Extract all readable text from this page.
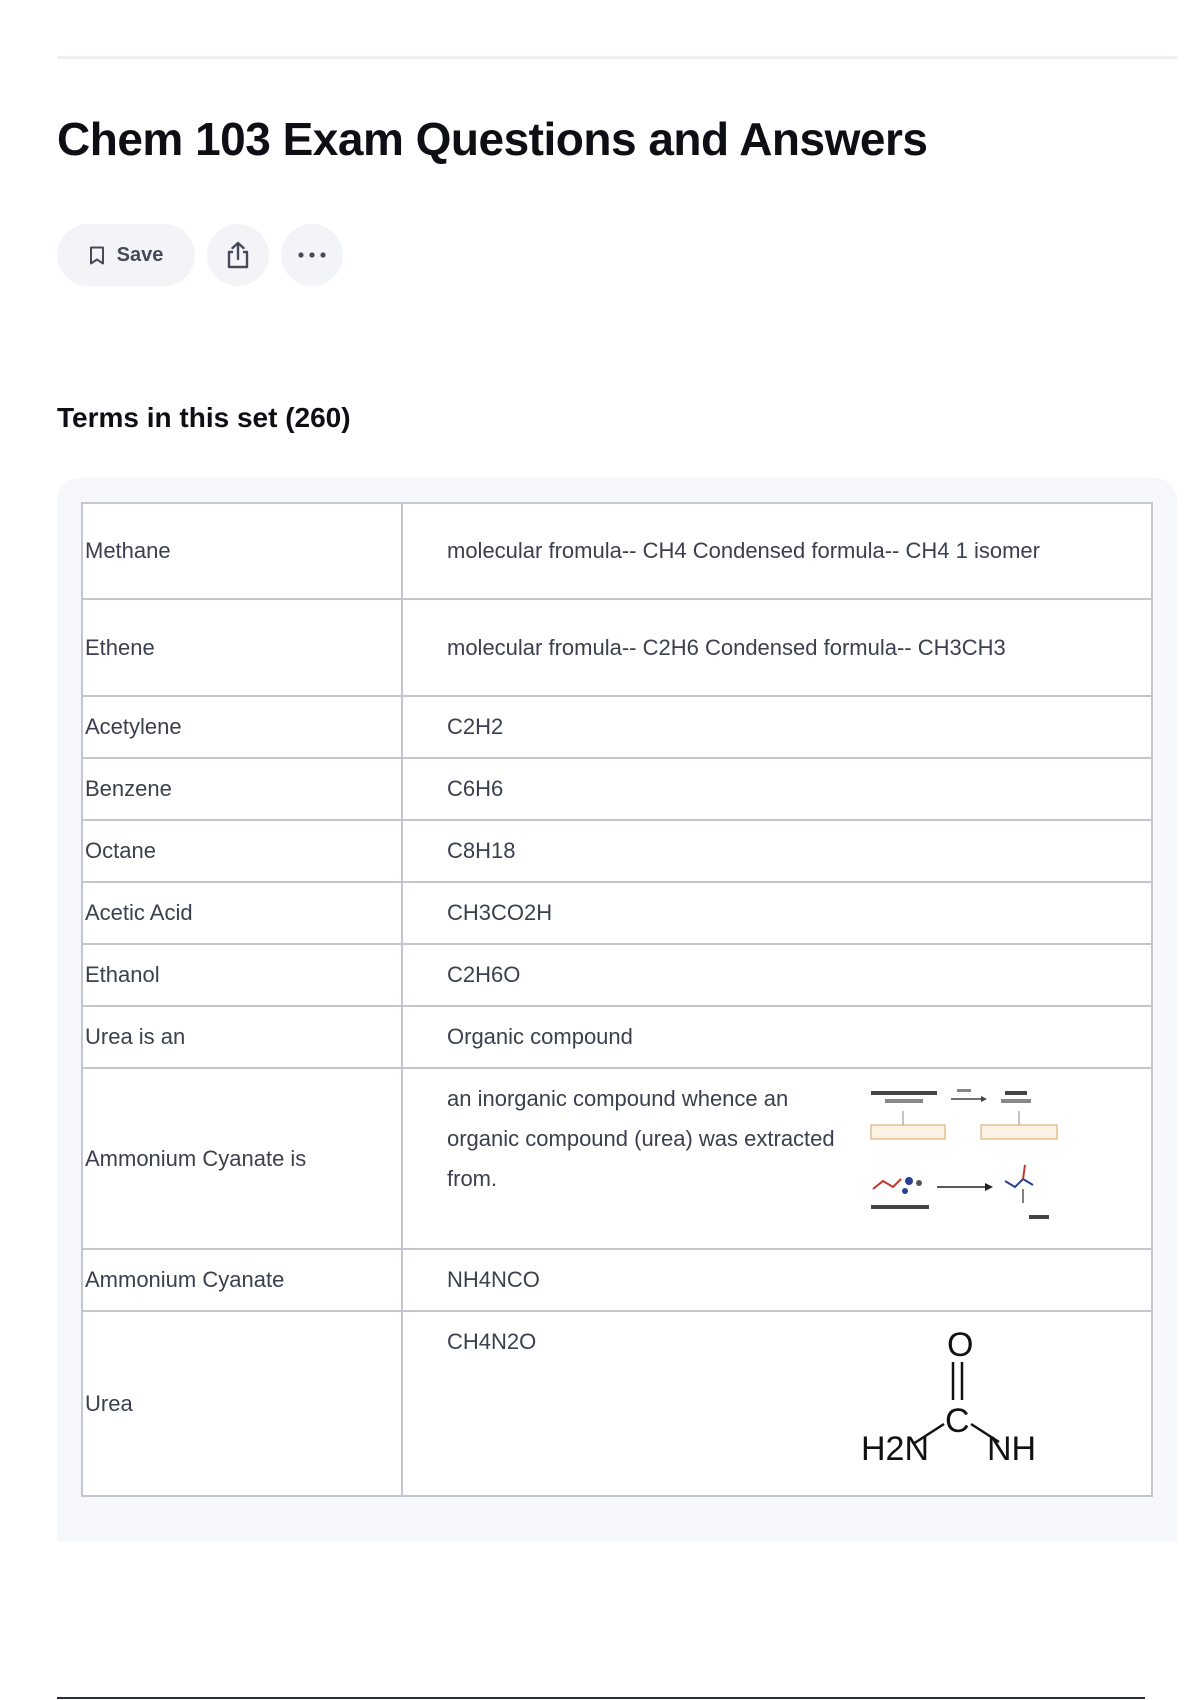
Chem 103 Exam Questions and Answers
Save
Terms in this set (260)
Methane	molecular fromula-- CH4 Condensed formula-- CH4 1 isomer
Ethene	molecular fromula-- C2H6 Condensed formula-- CH3CH3
Acetylene	C2H2
Benzene	C6H6
Octane	C8H18
Acetic Acid	CH3CO2H
Ethanol	C2H6O
Urea is an	Organic compound
Ammonium Cyanate is	an inorganic compound whence an organic compound (urea) was extracted from.

Ammonium Cyanate	NH4NCO
Urea	CH4N2O O
C
H2N NH
